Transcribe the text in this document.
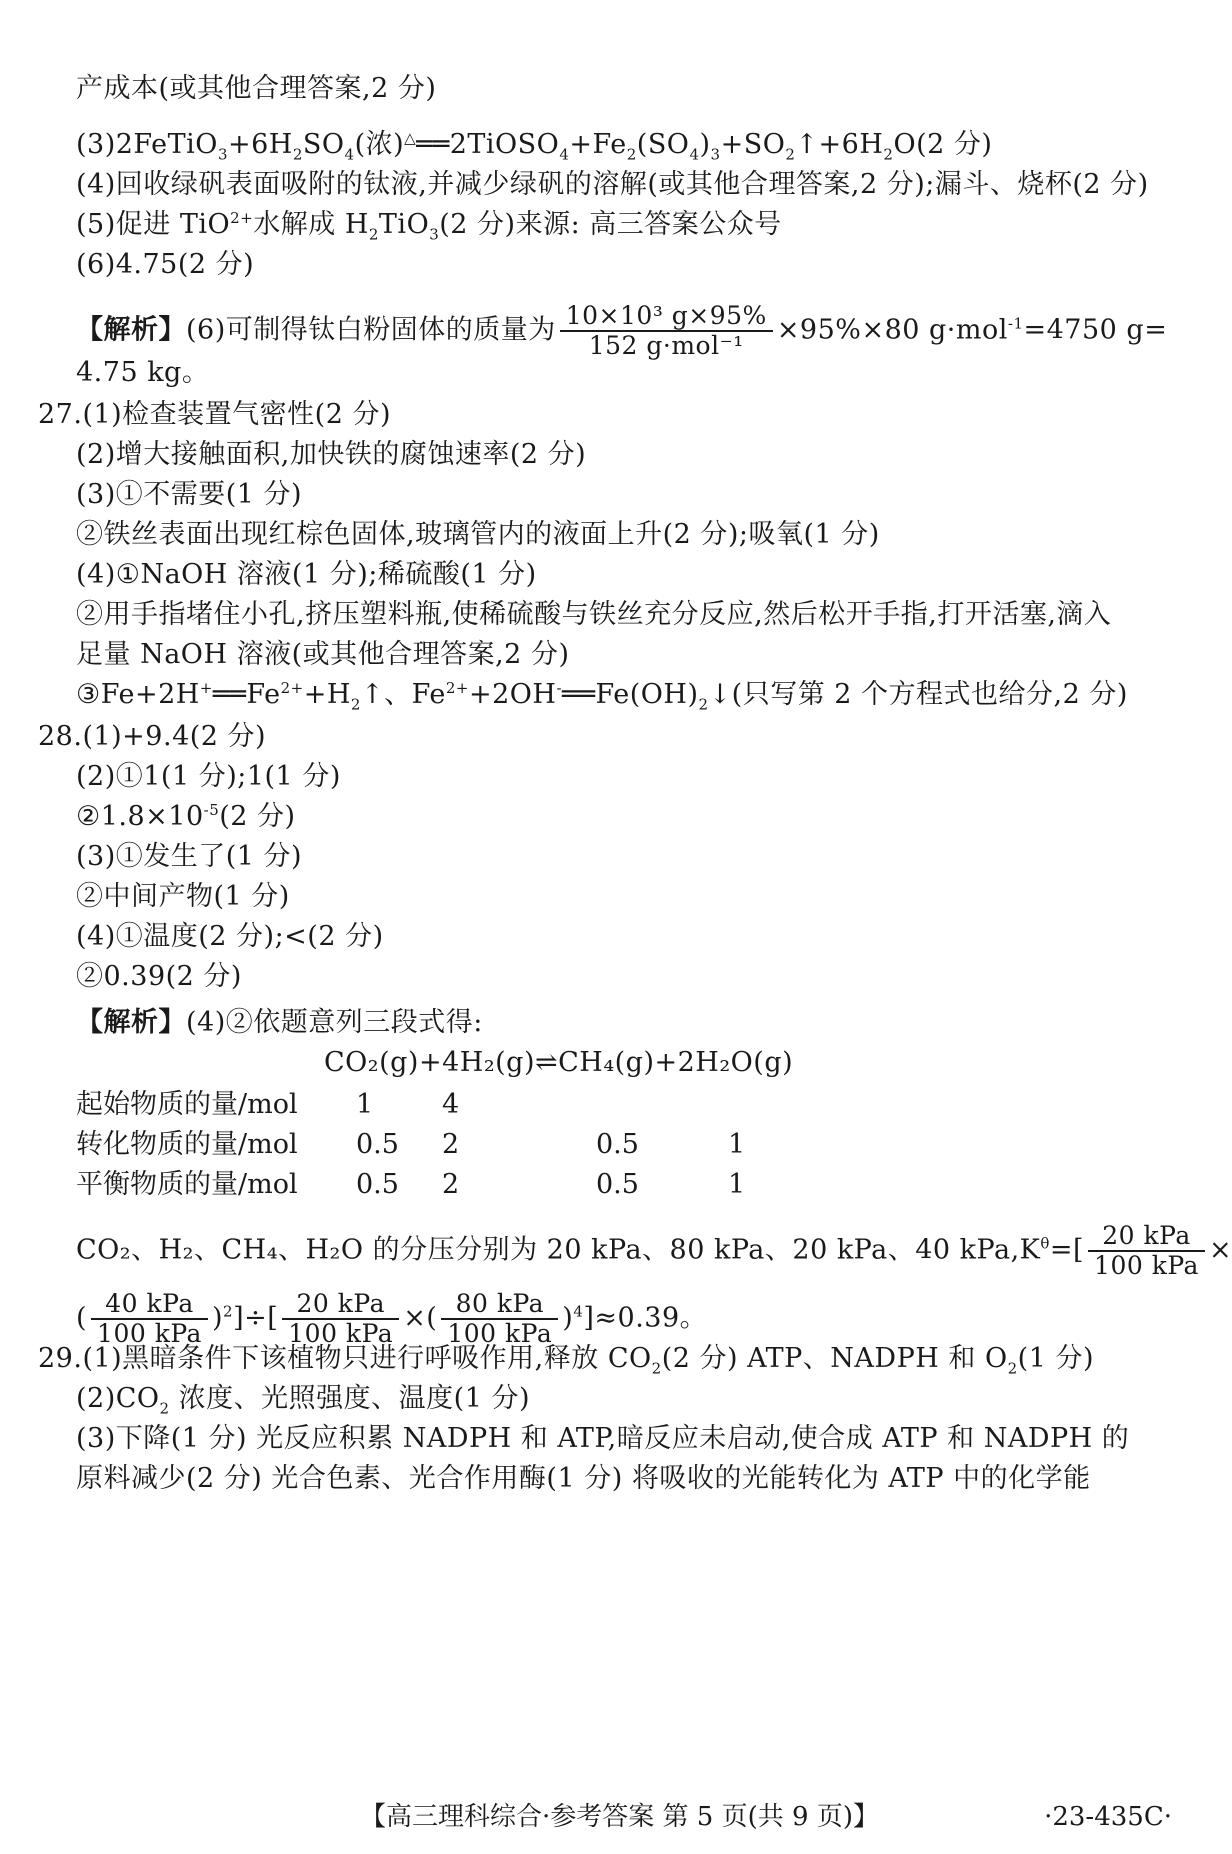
产成本(或其他合理答案,2 分)
$(3)2FeTiO_3+6H_2SO_4$(浓)$^\triangle══2TiOSO_4+Fe_2(SO_4)_3+SO_2↑+6H_2O(2$ 分)
(4)回收绿矾表面吸附的钛液,并减少绿矾的溶解(或其他合理答案,2 分);漏斗、烧杯(2 分)
(5)促进 TiO$^{2+}$水解成 $H_2TiO_3(2$ 分)来源: 高三答案公众号
(6)4.75(2 分)
【解析】(6)可制得钛白粉固体的质量为 $\frac{\text{10×10³ g×95\%}}{\text{152 g·mol⁻¹}} \times 95\%\times 80$ g·mol$^{-1}$=4750 g=
4.75 kg。
27.(1)检查装置气密性(2 分)
(2)增大接触面积,加快铁的腐蚀速率(2 分)
(3)①不需要(1 分)
②铁丝表面出现红棕色固体,玻璃管内的液面上升(2 分);吸氧(1 分)
(4)①NaOH 溶液(1 分);稀硫酸(1 分)
②用手指堵住小孔,挤压塑料瓶,使稀硫酸与铁丝充分反应,然后松开手指,打开活塞,滴入
足量 NaOH 溶液(或其他合理答案,2 分)
$③Fe+2H^+══Fe^{2+}+H_2↑$、$Fe^{2+}+2OH^-══Fe(OH)_2↓$(只写第 2 个方程式也给分,2 分)
28.(1)+9.4(2 分)
(2)①1(1 分);1(1 分)
$②1.8\times 10^{-5}(2$ 分)
(3)①发生了(1 分)
②中间产物(1 分)
(4)①温度(2 分);<(2 分)
②0.39(2 分)
【解析】(4)②依题意列三段式得:
CO₂(g)+4H₂(g)⇌CH₄(g)+2H₂O(g)
起始物质的量/mol 1	4
转化物质的量/mol 0.5 2	0.5	1
平衡物质的量/mol 0.5 2	0.5	1
CO₂、H₂、CH₄、H₂O 的分压分别为 20 kPa、80 kPa、20 kPa、40 $kPa,K^\theta=[ \frac{\text{20 kPa}}{\text{100 kPa}}$ ×
( $\frac{\text{40 kPa}}{\text{100 kPa}} )^2]\div[ \frac{\text{20 kPa}}{\text{100 kPa}}$ ×( $\frac{\text{80 kPa}}{\text{100 kPa}} )^4]\approx 0.39$。
29.(1)黑暗条件下该植物只进行呼吸作用,释放 $CO_2(2$ 分) ATP、NADPH 和 $O_2(1$ 分)
$(2)CO_2$ 浓度、光照强度、温度(1 分)
(3)下降(1 分) 光反应积累 NADPH 和 ATP,暗反应未启动,使合成 ATP 和 NADPH 的
原料减少(2 分) 光合色素、光合作用酶(1 分) 将吸收的光能转化为 ATP 中的化学能
【高三理科综合·参考答案 第 5 页(共 9 页)】	·23-435C·
